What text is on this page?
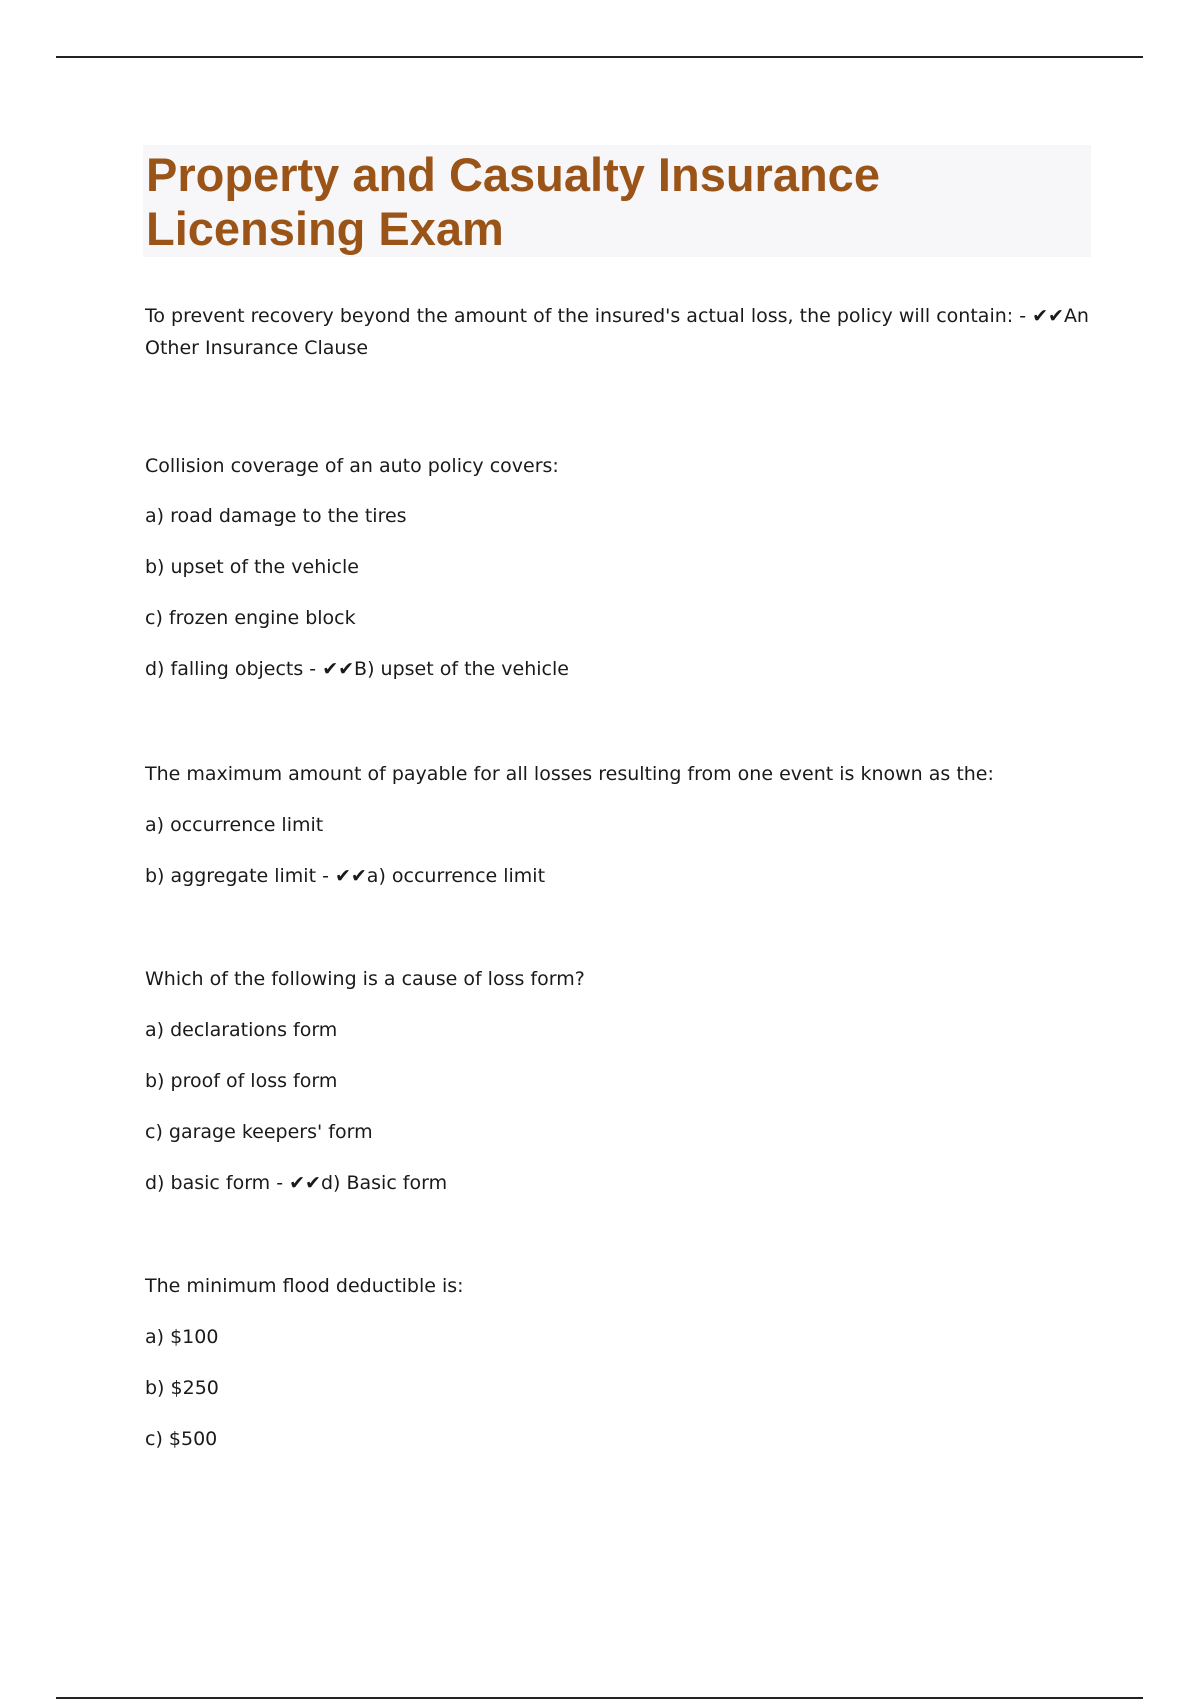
Property and Casualty Insurance Licensing Exam

To prevent recovery beyond the amount of the insured's actual loss, the policy will contain: - ✔✔An Other Insurance Clause

Collision coverage of an auto policy covers:

a) road damage to the tires

b) upset of the vehicle

c) frozen engine block

d) falling objects - ✔✔B) upset of the vehicle

The maximum amount of payable for all losses resulting from one event is known as the:

a) occurrence limit

b) aggregate limit - ✔✔a) occurrence limit

Which of the following is a cause of loss form?

a) declarations form

b) proof of loss form

c) garage keepers' form

d) basic form - ✔✔d) Basic form

The minimum flood deductible is:

a) $100

b) $250

c) $500
